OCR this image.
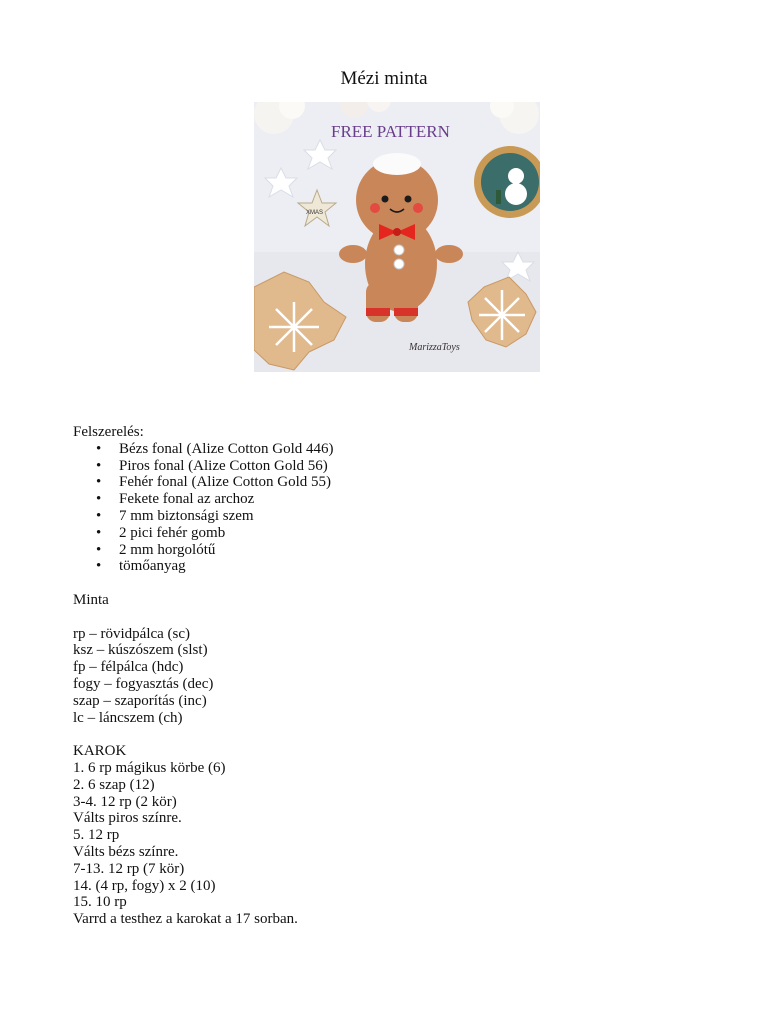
Mézi minta
FREE PATTERN
XMAS
MarizzaToys

Felszerelés:

• Bézs fonal (Alize Cotton Gold 446)
• Piros fonal (Alize Cotton Gold 56)
• Fehér fonal (Alize Cotton Gold 55)
• Fekete fonal az archoz
• 7 mm biztonsági szem
• 2 pici fehér gomb
• 2 mm horgolótű
• tömőanyag

Minta

rp – rövidpálca (sc)

ksz – kúszószem (slst)

fp – félpálca (hdc)

fogy – fogyasztás (dec)

szap – szaporítás (inc)

lc – láncszem (ch)

KAROK

1. 6 rp mágikus körbe (6)

2. 6 szap (12)

3-4. 12 rp (2 kör)

Válts piros színre.

5. 12 rp

Válts bézs színre.

7-13. 12 rp (7 kör)

14. (4 rp, fogy) x 2 (10)

15. 10 rp

Varrd a testhez a karokat a 17 sorban.
